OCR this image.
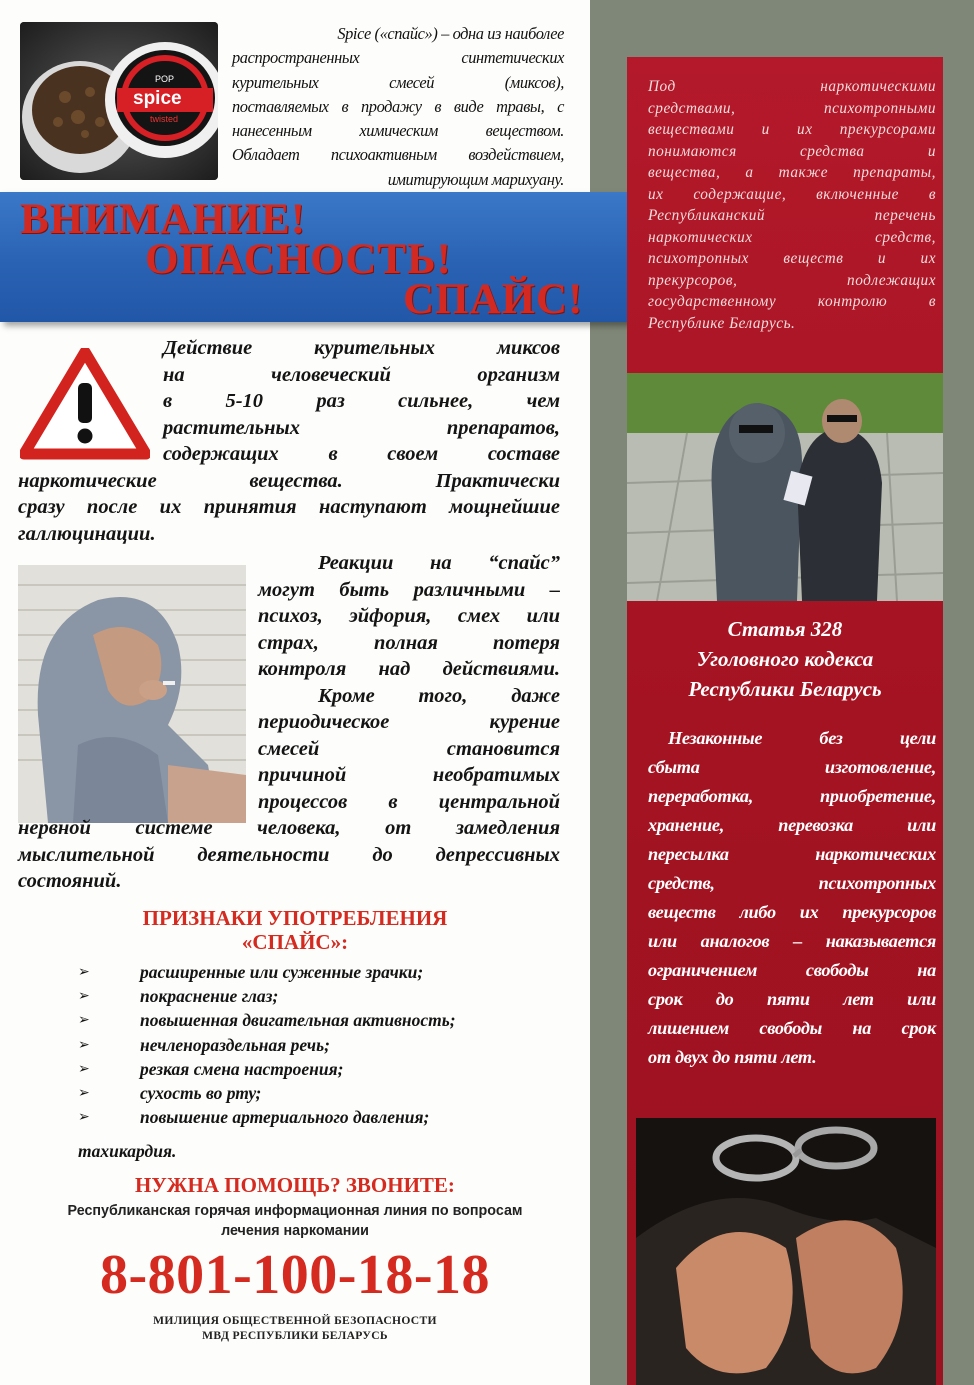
POP
spice
twisted
Spice («спайс») – одна из наиболее
распространенных синтетических
курительных смесей (миксов),
поставляемых в продажу в виде травы, с
нанесенным химическим веществом.
Обладает психоактивным воздействием,
имитирующим марихуану.
ВНИМАНИЕ!
ОПАСНОСТЬ!
СПАЙС!
Действие курительных миксов
на человеческий организм
в 5-10 раз сильнее, чем
растительных препаратов,
содержащих в своем составе
наркотические вещества. Практически
сразу после их принятия наступают мощнейшие
галлюцинации.
Реакции на “спайс”
могут быть различными –
психоз, эйфория, смех или
страх, полная потеря
контроля над действиями.
Кроме того, даже
периодическое курение
смесей становится
причиной необратимых
процессов в центральной
нервной системе человека, от замедления
мыслительной деятельности до депрессивных
состояний.
ПРИЗНАКИ УПОТРЕБЛЕНИЯ
«СПАЙС»:
➢	расширенные или суженные зрачки;
➢	покраснение глаз;
➢	повышенная двигательная активность;
➢	нечленораздельная речь;
➢	резкая смена настроения;
➢	сухость во рту;
➢	повышение артериального давления;
тахикардия.
НУЖНА ПОМОЩЬ? ЗВОНИТЕ:
Республиканская горячая информационная линия по вопросам
лечения наркомании
8-801-100-18-18
МИЛИЦИЯ ОБЩЕСТВЕННОЙ БЕЗОПАСНОСТИ
МВД РЕСПУБЛИКИ БЕЛАРУСЬ
Под наркотическими
средствами, психотропными
веществами и их прекурсорами
понимаются средства и
вещества, а также препараты,
их содержащие, включенные в
Республиканский перечень
наркотических средств,
психотропных веществ и их
прекурсоров, подлежащих
государственному контролю в
Республике Беларусь.
Статья 328
Уголовного кодекса
Республики Беларусь
Незаконные без цели
сбыта изготовление,
переработка, приобретение,
хранение, перевозка или
пересылка наркотических
средств, психотропных
веществ либо их прекурсоров
или аналогов – наказывается
ограничением свободы на
срок до пяти лет или
лишением свободы на срок
от двух до пяти лет.
